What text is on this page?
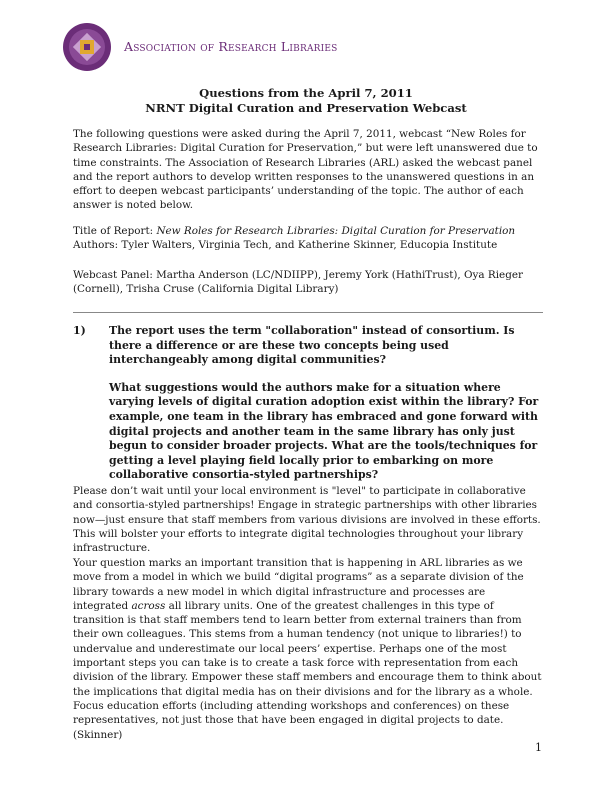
Association of Research Libraries
Questions from the April 7, 2011
NRNT Digital Curation and Preservation Webcast

The following questions were asked during the April 7, 2011, webcast “New Roles for Research Libraries: Digital Curation for Preservation,” but were left unanswered due to time constraints. The Association of Research Libraries (ARL) asked the webcast panel and the report authors to develop written responses to the unanswered questions in an effort to deepen webcast participants’ understanding of the topic. The author of each answer is noted below.

Title of Report: New Roles for Research Libraries: Digital Curation for Preservation

Authors: Tyler Walters, Virginia Tech, and Katherine Skinner, Educopia Institute

Webcast Panel: Martha Anderson (LC/NDIIPP), Jeremy York (HathiTrust), Oya Rieger (Cornell), Trisha Cruse (California Digital Library)

1) The report uses the term "collaboration" instead of consortium. Is there a difference or are these two concepts being used interchangeably among digital communities?

What suggestions would the authors make for a situation where varying levels of digital curation adoption exist within the library? For example, one team in the library has embraced and gone forward with digital projects and another team in the same library has only just begun to consider broader projects. What are the tools/techniques for getting a level playing field locally prior to embarking on more collaborative consortia-styled partnerships?

Please don’t wait until your local environment is "level" to participate in collaborative and consortia-styled partnerships! Engage in strategic partnerships with other libraries now—just ensure that staff members from various divisions are involved in these efforts. This will bolster your efforts to integrate digital technologies throughout your library infrastructure.

Your question marks an important transition that is happening in ARL libraries as we move from a model in which we build “digital programs” as a separate division of the library towards a new model in which digital infrastructure and processes are integrated across all library units. One of the greatest challenges in this type of transition is that staff members tend to learn better from external trainers than from their own colleagues. This stems from a human tendency (not unique to libraries!) to undervalue and underestimate our local peers’ expertise. Perhaps one of the most important steps you can take is to create a task force with representation from each division of the library. Empower these staff members and encourage them to think about the implications that digital media has on their divisions and for the library as a whole. Focus education efforts (including attending workshops and conferences) on these representatives, not just those that have been engaged in digital projects to date. (Skinner)

1
